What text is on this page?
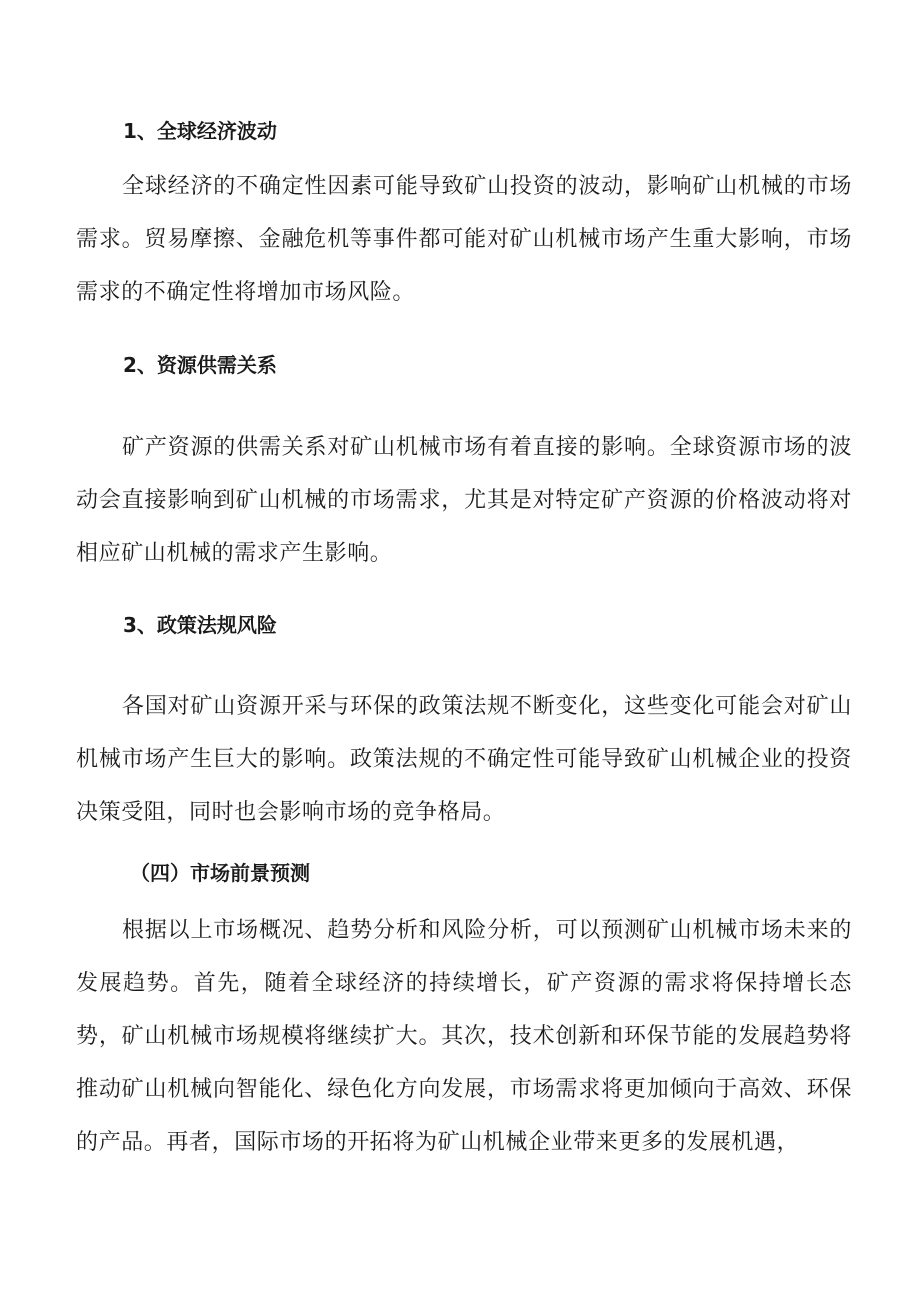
1、全球经济波动

全球经济的不确定性因素可能导致矿山投资的波动，影响矿山机械的市场需求。贸易摩擦、金融危机等事件都可能对矿山机械市场产生重大影响，市场需求的不确定性将增加市场风险。

2、资源供需关系

矿产资源的供需关系对矿山机械市场有着直接的影响。全球资源市场的波动会直接影响到矿山机械的市场需求，尤其是对特定矿产资源的价格波动将对相应矿山机械的需求产生影响。

3、政策法规风险

各国对矿山资源开采与环保的政策法规不断变化，这些变化可能会对矿山机械市场产生巨大的影响。政策法规的不确定性可能导致矿山机械企业的投资决策受阻，同时也会影响市场的竞争格局。

（四）市场前景预测

根据以上市场概况、趋势分析和风险分析，可以预测矿山机械市场未来的发展趋势。首先，随着全球经济的持续增长，矿产资源的需求将保持增长态势，矿山机械市场规模将继续扩大。其次，技术创新和环保节能的发展趋势将推动矿山机械向智能化、绿色化方向发展，市场需求将更加倾向于高效、环保的产品。再者，国际市场的开拓将为矿山机械企业带来更多的发展机遇，
